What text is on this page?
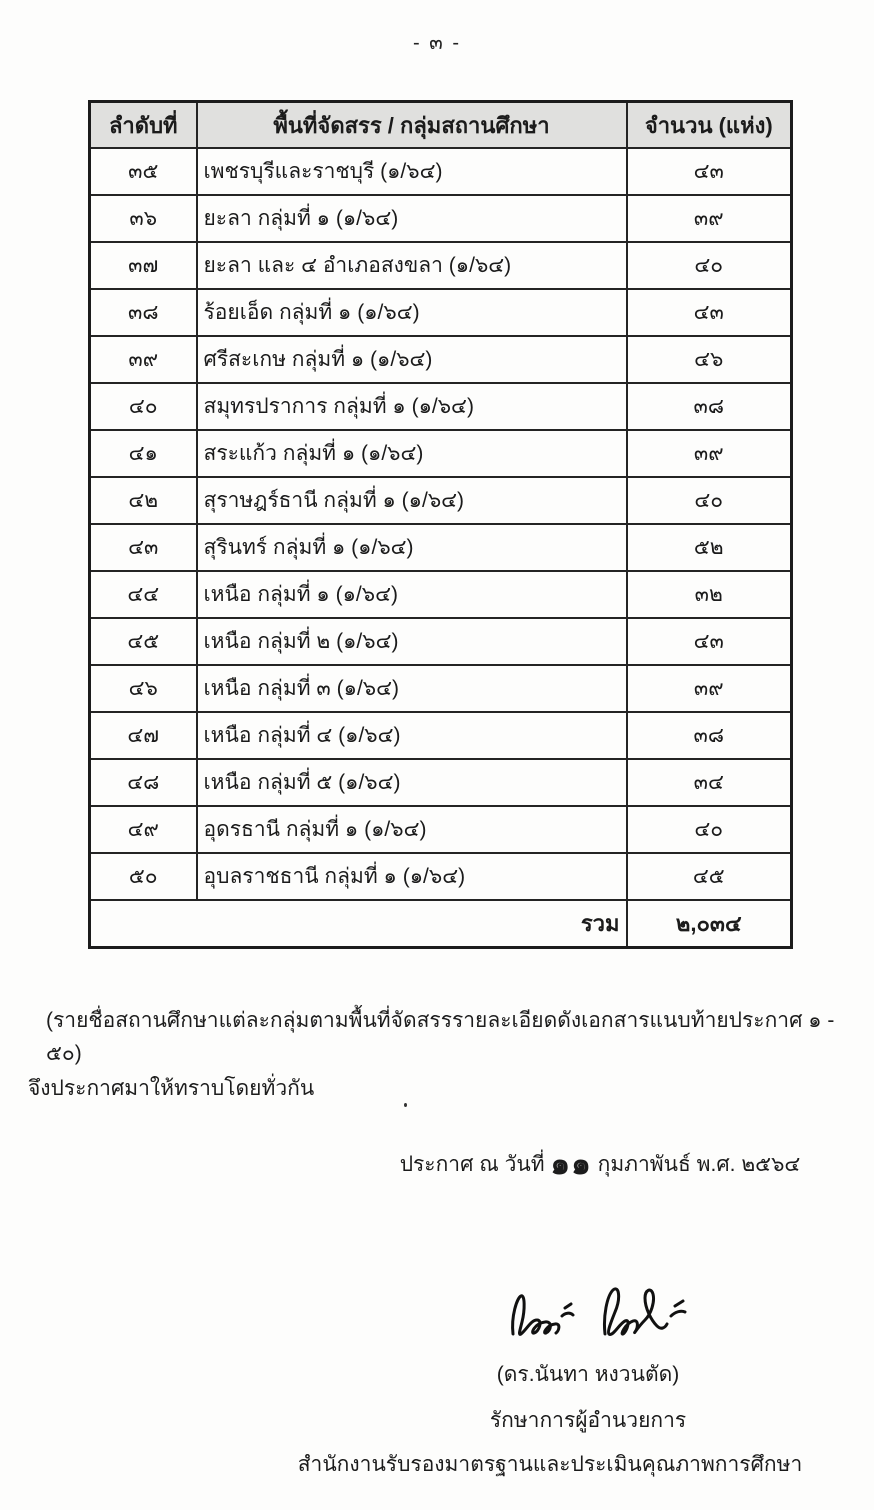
- ๓ -
ลำดับที่	พื้นที่จัดสรร / กลุ่มสถานศึกษา	จำนวน (แห่ง)
๓๕	เพชรบุรีและราชบุรี (๑/๖๔)	๔๓
๓๖	ยะลา กลุ่มที่ ๑ (๑/๖๔)	๓๙
๓๗	ยะลา และ ๔ อำเภอสงขลา (๑/๖๔)	๔๐
๓๘	ร้อยเอ็ด กลุ่มที่ ๑ (๑/๖๔)	๔๓
๓๙	ศรีสะเกษ กลุ่มที่ ๑ (๑/๖๔)	๔๖
๔๐	สมุทรปราการ กลุ่มที่ ๑ (๑/๖๔)	๓๘
๔๑	สระแก้ว กลุ่มที่ ๑ (๑/๖๔)	๓๙
๔๒	สุราษฎร์ธานี กลุ่มที่ ๑ (๑/๖๔)	๔๐
๔๓	สุรินทร์ กลุ่มที่ ๑ (๑/๖๔)	๕๒
๔๔	เหนือ กลุ่มที่ ๑ (๑/๖๔)	๓๒
๔๕	เหนือ กลุ่มที่ ๒ (๑/๖๔)	๔๓
๔๖	เหนือ กลุ่มที่ ๓ (๑/๖๔)	๓๙
๔๗	เหนือ กลุ่มที่ ๔ (๑/๖๔)	๓๘
๔๘	เหนือ กลุ่มที่ ๕ (๑/๖๔)	๓๔
๔๙	อุดรธานี กลุ่มที่ ๑ (๑/๖๔)	๔๐
๕๐	อุบลราชธานี กลุ่มที่ ๑ (๑/๖๔)	๔๕
รวม		๒,๐๓๔
(รายชื่อสถานศึกษาแต่ละกลุ่มตามพื้นที่จัดสรรรายละเอียดดังเอกสารแนบท้ายประกาศ ๑ - ๕๐)
จึงประกาศมาให้ทราบโดยทั่วกัน
ประกาศ ณ วันที่ ๑๑ กุมภาพันธ์ พ.ศ. ๒๕๖๔
(ดร.นันทา หงวนตัด)
รักษาการผู้อำนวยการ
สำนักงานรับรองมาตรฐานและประเมินคุณภาพการศึกษา
